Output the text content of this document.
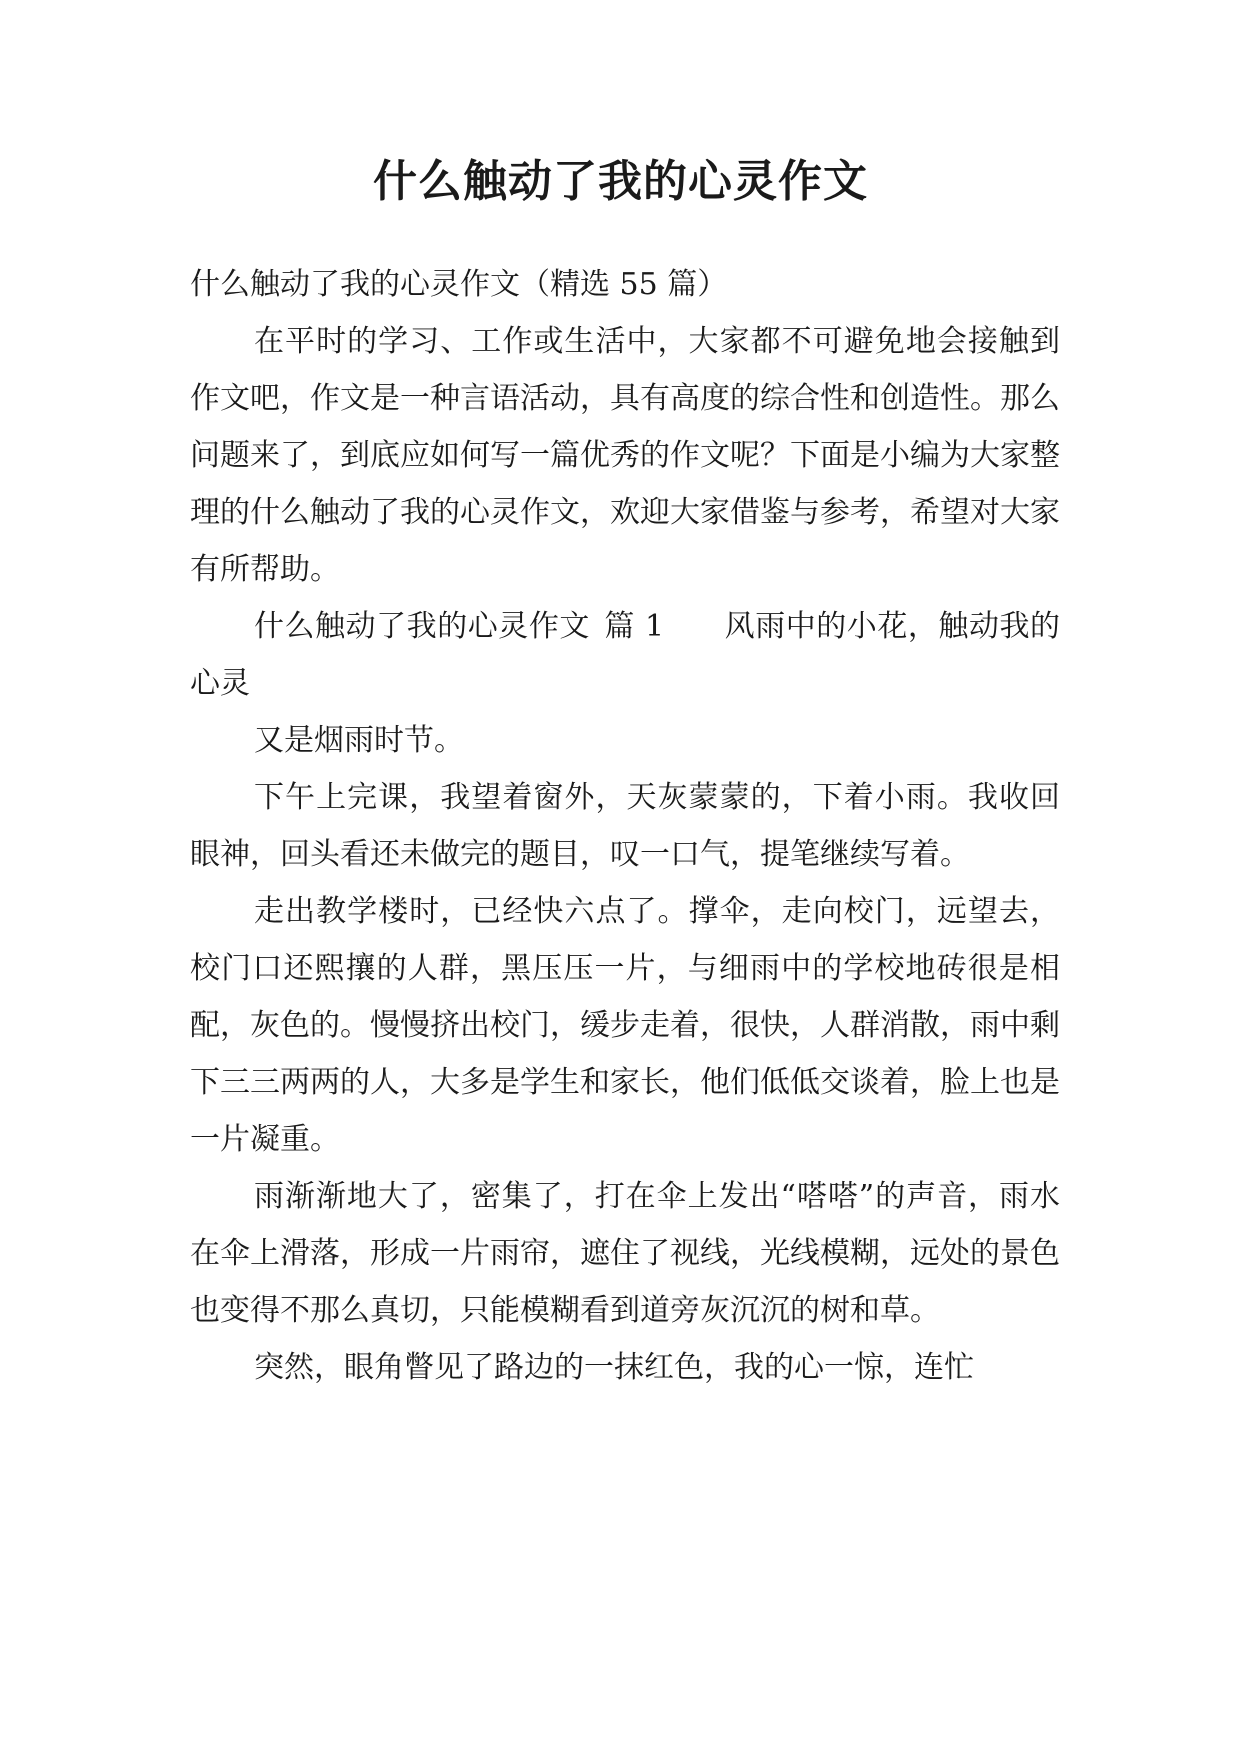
什么触动了我的心灵作文

什么触动了我的心灵作文（精选 55 篇）

在平时的学习、工作或生活中，大家都不可避免地会接触到作文吧，作文是一种言语活动，具有高度的综合性和创造性。那么问题来了，到底应如何写一篇优秀的作文呢？下面是小编为大家整理的什么触动了我的心灵作文，欢迎大家借鉴与参考，希望对大家有所帮助。

什么触动了我的心灵作文 篇 1 风雨中的小花，触动我的心灵

又是烟雨时节。

下午上完课，我望着窗外，天灰蒙蒙的，下着小雨。我收回眼神，回头看还未做完的题目，叹一口气，提笔继续写着。

走出教学楼时，已经快六点了。撑伞，走向校门，远望去，校门口还熙攘的人群，黑压压一片，与细雨中的学校地砖很是相配，灰色的。慢慢挤出校门，缓步走着，很快，人群消散，雨中剩下三三两两的人，大多是学生和家长，他们低低交谈着，脸上也是一片凝重。

雨渐渐地大了，密集了，打在伞上发出“嗒嗒”的声音，雨水在伞上滑落，形成一片雨帘，遮住了视线，光线模糊，远处的景色也变得不那么真切，只能模糊看到道旁灰沉沉的树和草。

突然，眼角瞥见了路边的一抹红色，我的心一惊，连忙
